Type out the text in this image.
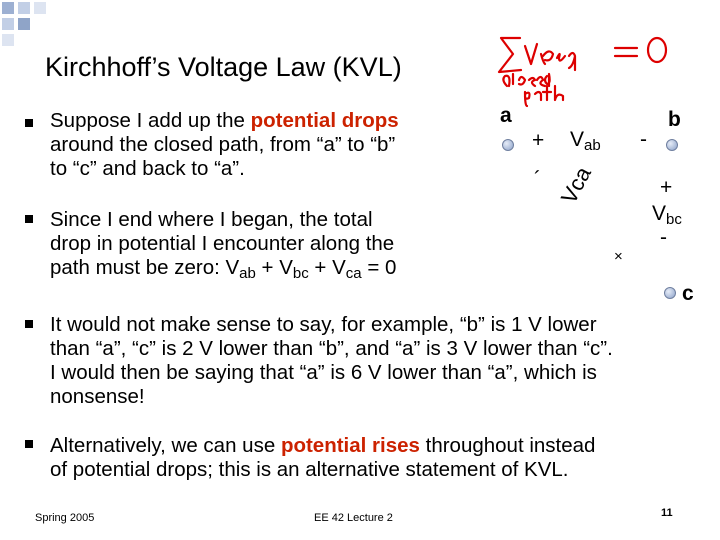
Kirchhoff’s Voltage Law (KVL)
Suppose I add up the potential drops
around the closed path, from “a” to “b”
to “c” and back to “a”.
Since I end where I began, the total
drop in potential I encounter along the
path must be zero: $V_{ab} + V_{bc} + V_{ca} = 0$
It would not make sense to say, for example, “b” is 1 V lower
than “a”, “c” is 2 V lower than “b”, and “a” is 3 V lower than “c”.
I would then be saying that “a” is 6 V lower than “a”, which is
nonsense!
Alternatively, we can use potential rises throughout instead
of potential drops; this is an alternative statement of KVL.
a	b
c
+ $V_{ab}$ -
+
$V_{bc}$
-
Vca
´
×
Spring 2005	EE 42 Lecture 2	11
